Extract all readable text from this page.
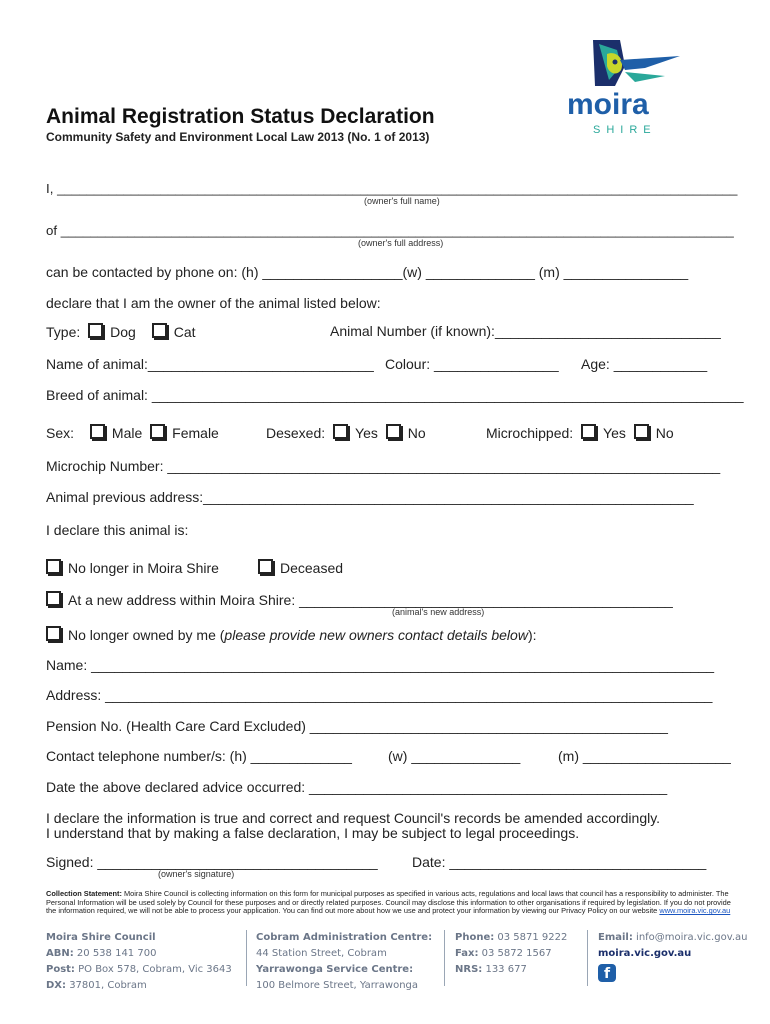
Animal Registration Status Declaration
Community Safety and Environment Local Law 2013 (No. 1 of 2013)
moira
SHIRE
I, ____________________________________________________________________________________________
(owner's full name)
of ___________________________________________________________________________________________
(owner's full address)
can be contacted by phone on: (h) __________________(w) ______________ (m) ________________
declare that I am the owner of the animal listed below:
Type: Dog	Cat	Animal Number (if known):_____________________________
Name of animal:_____________________________ Colour: ________________ Age: ____________
Breed of animal: ____________________________________________________________________________
Sex:	Male Female	Desexed: Yes No	Microchipped: Yes No
Microchip Number: _______________________________________________________________________
Animal previous address:_______________________________________________________________
I declare this animal is:
No longer in Moira Shire	Deceased
At a new address within Moira Shire: ________________________________________________
(animal's new address)
No longer owned by me (please provide new owners contact details below):
Name: ________________________________________________________________________________
Address: ______________________________________________________________________________
Pension No. (Health Care Card Excluded) ______________________________________________
Contact telephone number/s: (h) _____________	(w) ______________	(m) ___________________
Date the above declared advice occurred: ______________________________________________
I declare the information is true and correct and request Council's records be amended accordingly.
I understand that by making a false declaration, I may be subject to legal proceedings.
Signed: ____________________________________
(owner's signature)
Date: _________________________________
Collection Statement: Moira Shire Council is collecting information on this form for municipal purposes as specified in various acts, regulations and local laws that council has a responsibility to administer. The Personal Information will be used solely by Council for these purposes and or directly related purposes. Council may disclose this information to other organisations if required by legislation. If you do not provide the information required, we will not be able to process your application. You can find out more about how we use and protect your information by viewing our Privacy Policy on our website www.moira.vic.gov.au
Moira Shire Council
ABN: 20 538 141 700
Post: PO Box 578, Cobram, Vic 3643
DX: 37801, Cobram
Cobram Administration Centre:
44 Station Street, Cobram
Yarrawonga Service Centre:
100 Belmore Street, Yarrawonga
Phone: 03 5871 9222
Fax: 03 5872 1567
NRS: 133 677
Email: info@moira.vic.gov.au
moira.vic.gov.au
f
